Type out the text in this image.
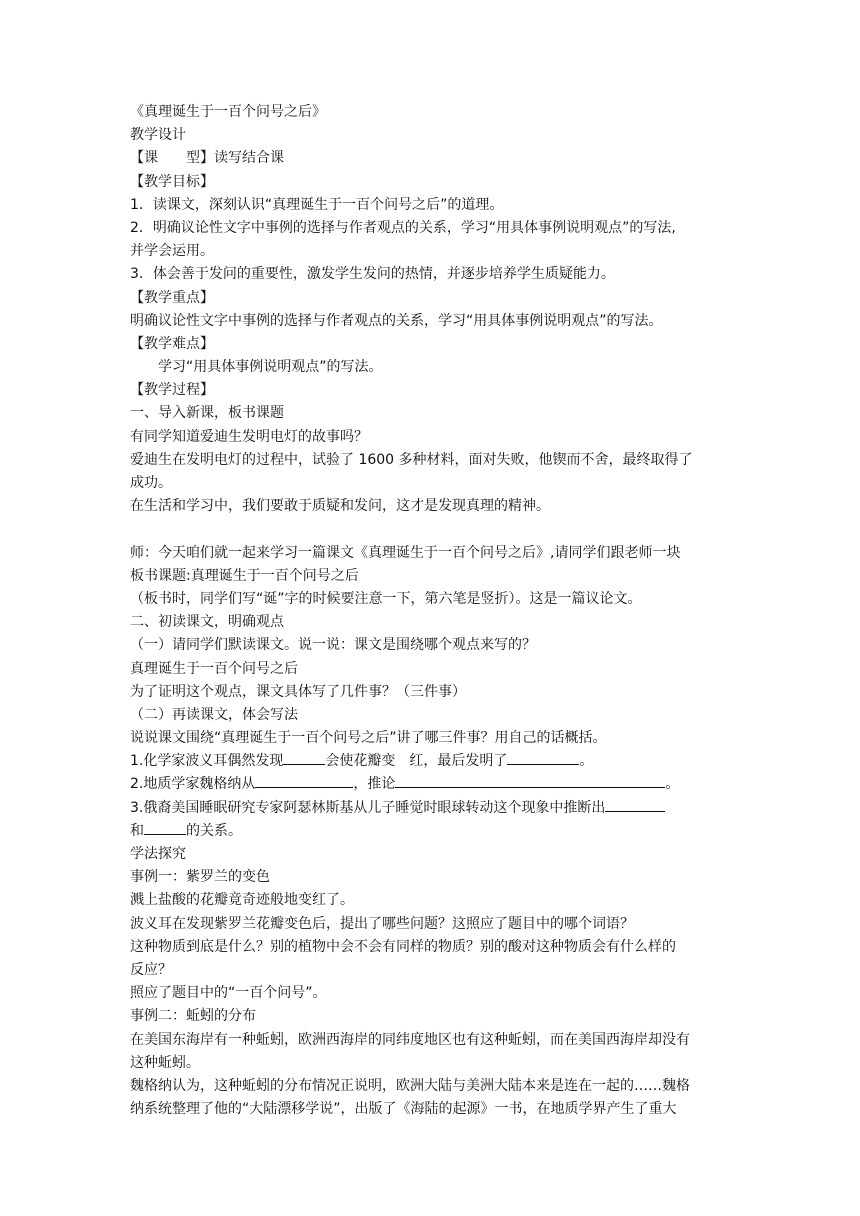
《真理诞生于一百个问号之后》
教学设计
【课　　型】读写结合课
【教学目标】
1．读课文，深刻认识“真理诞生于一百个问号之后”的道理。
2．明确议论性文字中事例的选择与作者观点的关系，学习“用具体事例说明观点”的写法,
并学会运用。
3．体会善于发问的重要性，激发学生发问的热情，并逐步培养学生质疑能力。
【教学重点】
明确议论性文字中事例的选择与作者观点的关系，学习“用具体事例说明观点”的写法。
【教学难点】
学习“用具体事例说明观点”的写法。
【教学过程】
一、导入新课，板书课题
有同学知道爱迪生发明电灯的故事吗？
爱迪生在发明电灯的过程中，试验了 1600 多种材料，面对失败，他锲而不舍，最终取得了
成功。
在生活和学习中，我们要敢于质疑和发问，这才是发现真理的精神。
师：今天咱们就一起来学习一篇课文《真理诞生于一百个问号之后》,请同学们跟老师一块
板书课题:真理诞生于一百个问号之后
（板书时，同学们写“诞”字的时候要注意一下，第六笔是竖折）。这是一篇议论文。
二、初读课文，明确观点
（一）请同学们默读课文。说一说：课文是围绕哪个观点来写的？
真理诞生于一百个问号之后
为了证明这个观点，课文具体写了几件事？（三件事）
（二）再读课文，体会写法
说说课文围绕“真理诞生于一百个问号之后”讲了哪三件事？用自己的话概括。
1.化学家波义耳偶然发现	会使花瓣变　红，最后发明了	。
2.地质学家魏格纳从	，推论	。
3.俄裔美国睡眠研究专家阿瑟林斯基从儿子睡觉时眼球转动这个现象中推断出
和	的关系。
学法探究
事例一：紫罗兰的变色
溅上盐酸的花瓣竟奇迹般地变红了。
波义耳在发现紫罗兰花瓣变色后，提出了哪些问题？这照应了题目中的哪个词语？
这种物质到底是什么？别的植物中会不会有同样的物质？别的酸对这种物质会有什么样的
反应？
照应了题目中的“一百个问号”。
事例二：蚯蚓的分布
在美国东海岸有一种蚯蚓，欧洲西海岸的同纬度地区也有这种蚯蚓，而在美国西海岸却没有
这种蚯蚓。
魏格纳认为，这种蚯蚓的分布情况正说明，欧洲大陆与美洲大陆本来是连在一起的……魏格
纳系统整理了他的“大陆漂移学说”，出版了《海陆的起源》一书，在地质学界产生了重大
